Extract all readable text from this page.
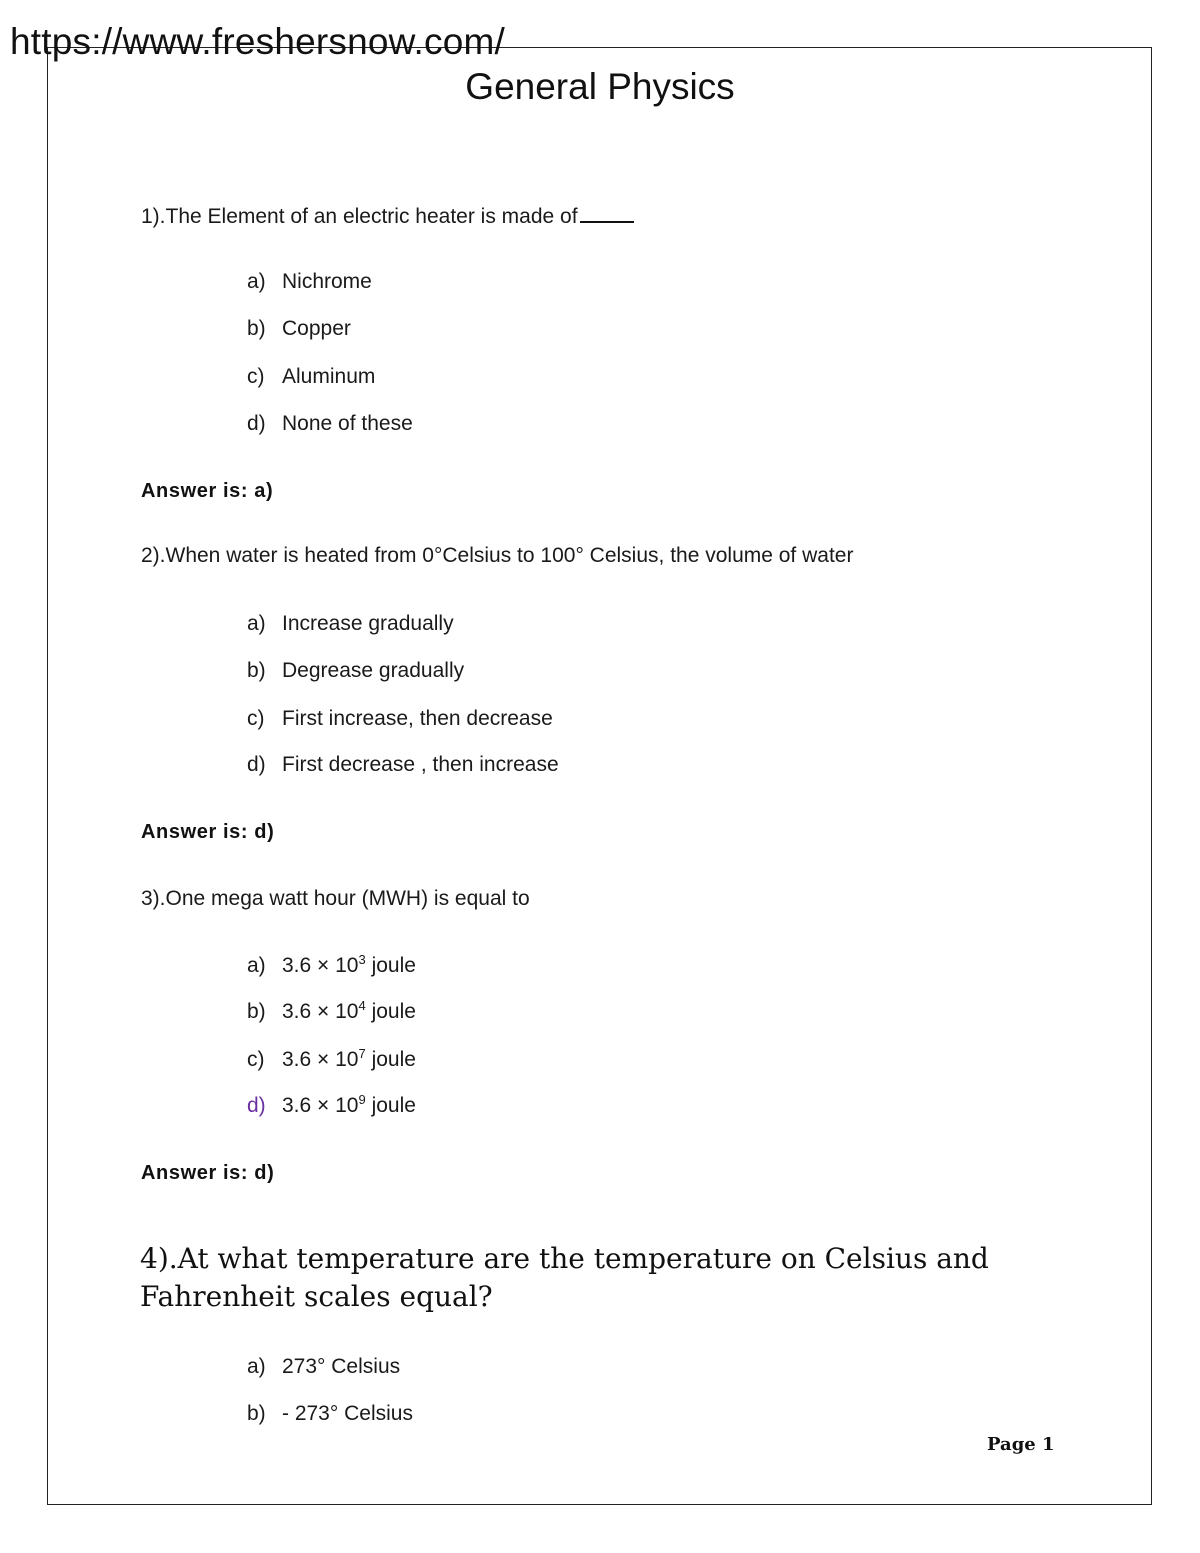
https://www.freshersnow.com/
General Physics
1).The Element of an electric heater is made of
a) Nichrome
b) Copper
c) Aluminum
d) None of these
Answer is: a)
2).When water is heated from 0°Celsius to 100° Celsius, the volume of water
a) Increase gradually
b) Degrease gradually
c) First increase, then decrease
d) First decrease , then increase
Answer is: d)
3).One mega watt hour (MWH) is equal to
a) $3.6 \times 10^3$ joule
b) $3.6 \times 10^4$ joule
c) $3.6 \times 10^7$ joule
d) $3.6 \times 10^9$ joule
Answer is: d)
4).At what temperature are the temperature on Celsius and Fahrenheit scales equal?
a) 273° Celsius
b) - 273° Celsius
Page 1
